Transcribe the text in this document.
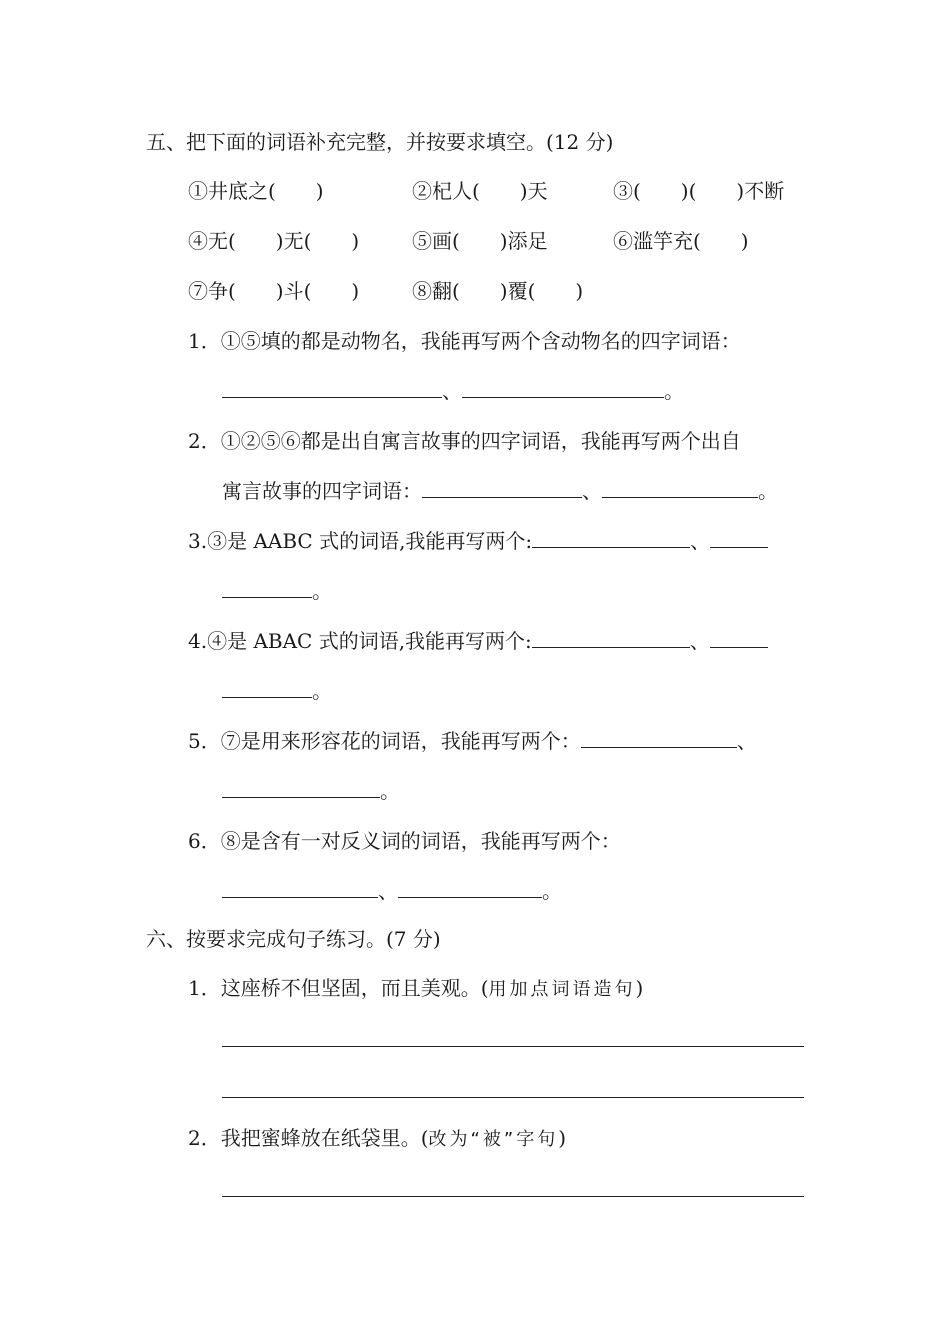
五、把下面的词语补充完整，并按要求填空。(12 分)
①井底之(　　)	②杞人(　　)天	③(　　)(　　)不断
④无(　　)无(　　)	⑤画(　　)添足	⑥滥竽充(　　)
⑦争(　　)斗(　　)	⑧翻(　　)覆(　　)
1．①⑤填的都是动物名，我能再写两个含动物名的四字词语：
、	。
2．①②⑤⑥都是出自寓言故事的四字词语，我能再写两个出自
寓言故事的四字词语：	、	。
3.③是 AABC 式的词语,我能再写两个:	、
。
4.④是 ABAC 式的词语,我能再写两个:	、
。
5．⑦是用来形容花的词语，我能再写两个：	、
。
6．⑧是含有一对反义词的词语，我能再写两个：
、	。
六、按要求完成句子练习。(7 分)
1．这座桥不但坚固，而且美观。(用加点词语造句)
2．我把蜜蜂放在纸袋里。(改为“被”字句)
